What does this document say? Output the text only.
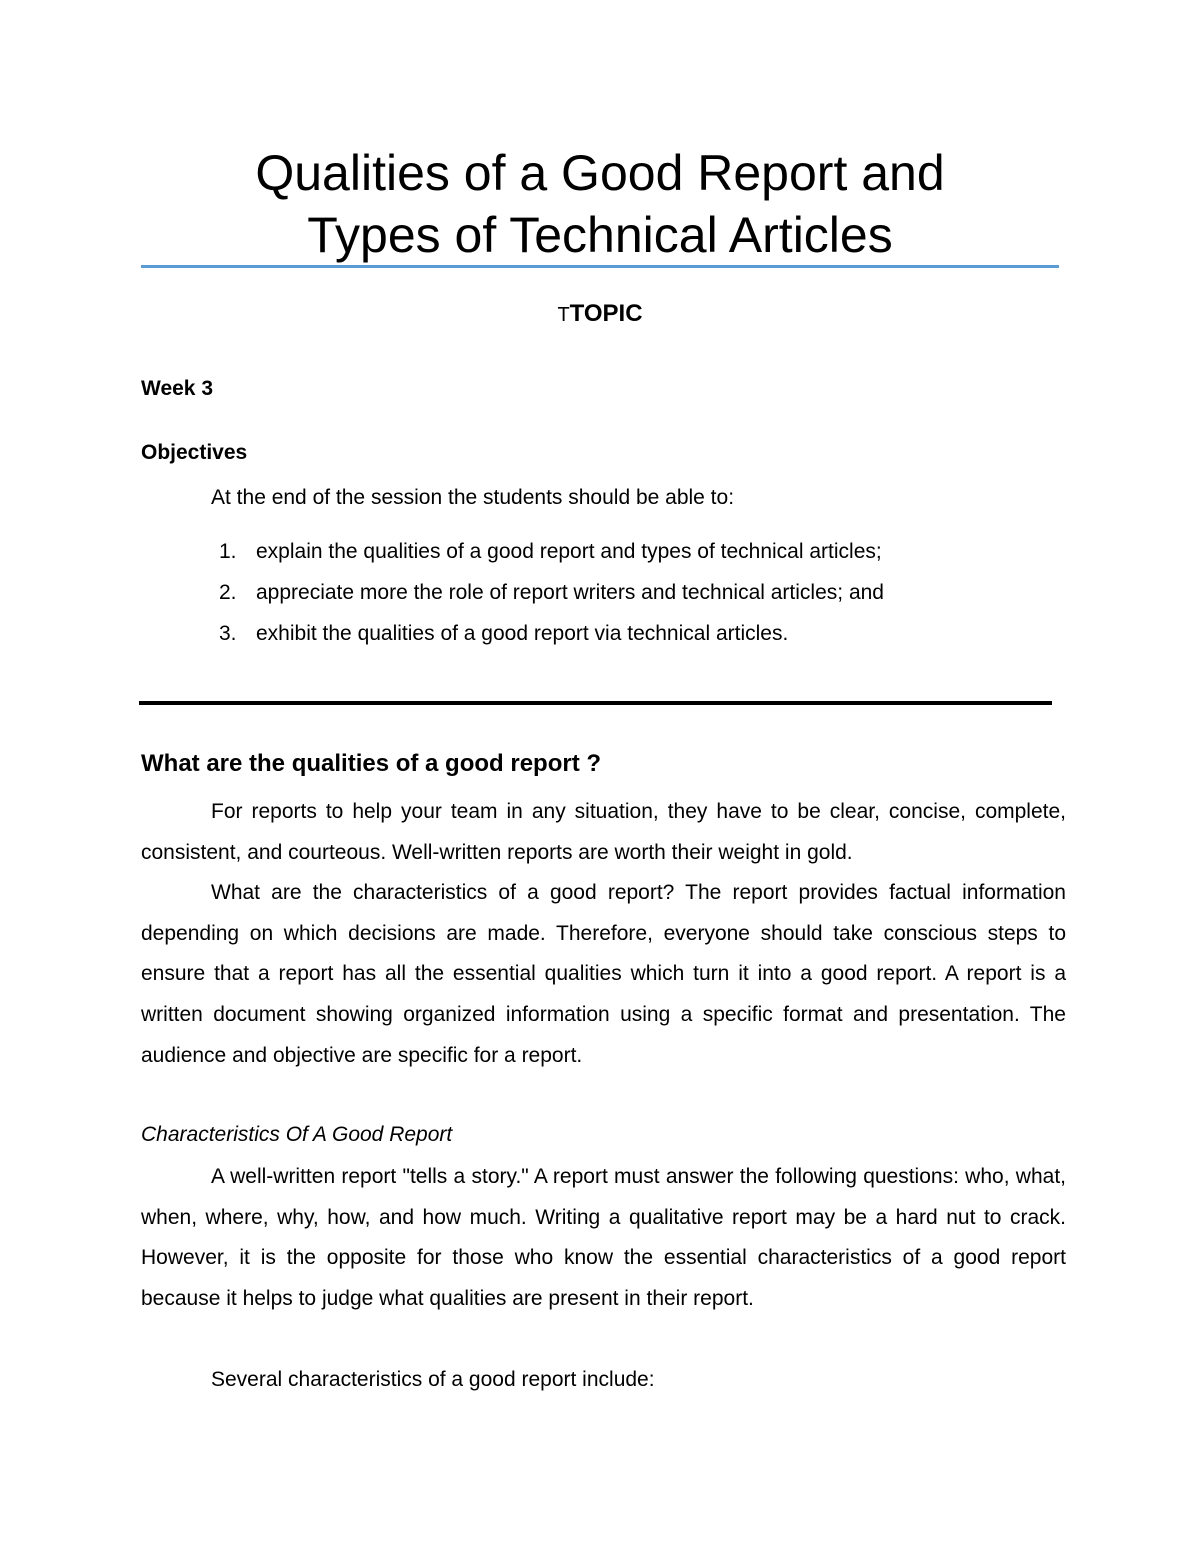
Qualities of a Good Report and
Types of Technical Articles
TTOPIC
Week 3
Objectives
At the end of the session the students should be able to:
1. explain the qualities of a good report and types of technical articles;
2. appreciate more the role of report writers and technical articles; and
3. exhibit the qualities of a good report via technical articles.
What are the qualities of a good report ?

For reports to help your team in any situation, they have to be clear, concise, complete, consistent, and courteous. Well-written reports are worth their weight in gold.

What are the characteristics of a good report? The report provides factual information depending on which decisions are made. Therefore, everyone should take conscious steps to ensure that a report has all the essential qualities which turn it into a good report. A report is a written document showing organized information using a specific format and presentation. The audience and objective are specific for a report.

Characteristics Of A Good Report

A well-written report "tells a story." A report must answer the following questions: who, what, when, where, why, how, and how much. Writing a qualitative report may be a hard nut to crack. However, it is the opposite for those who know the essential characteristics of a good report because it helps to judge what qualities are present in their report.

Several characteristics of a good report include:
